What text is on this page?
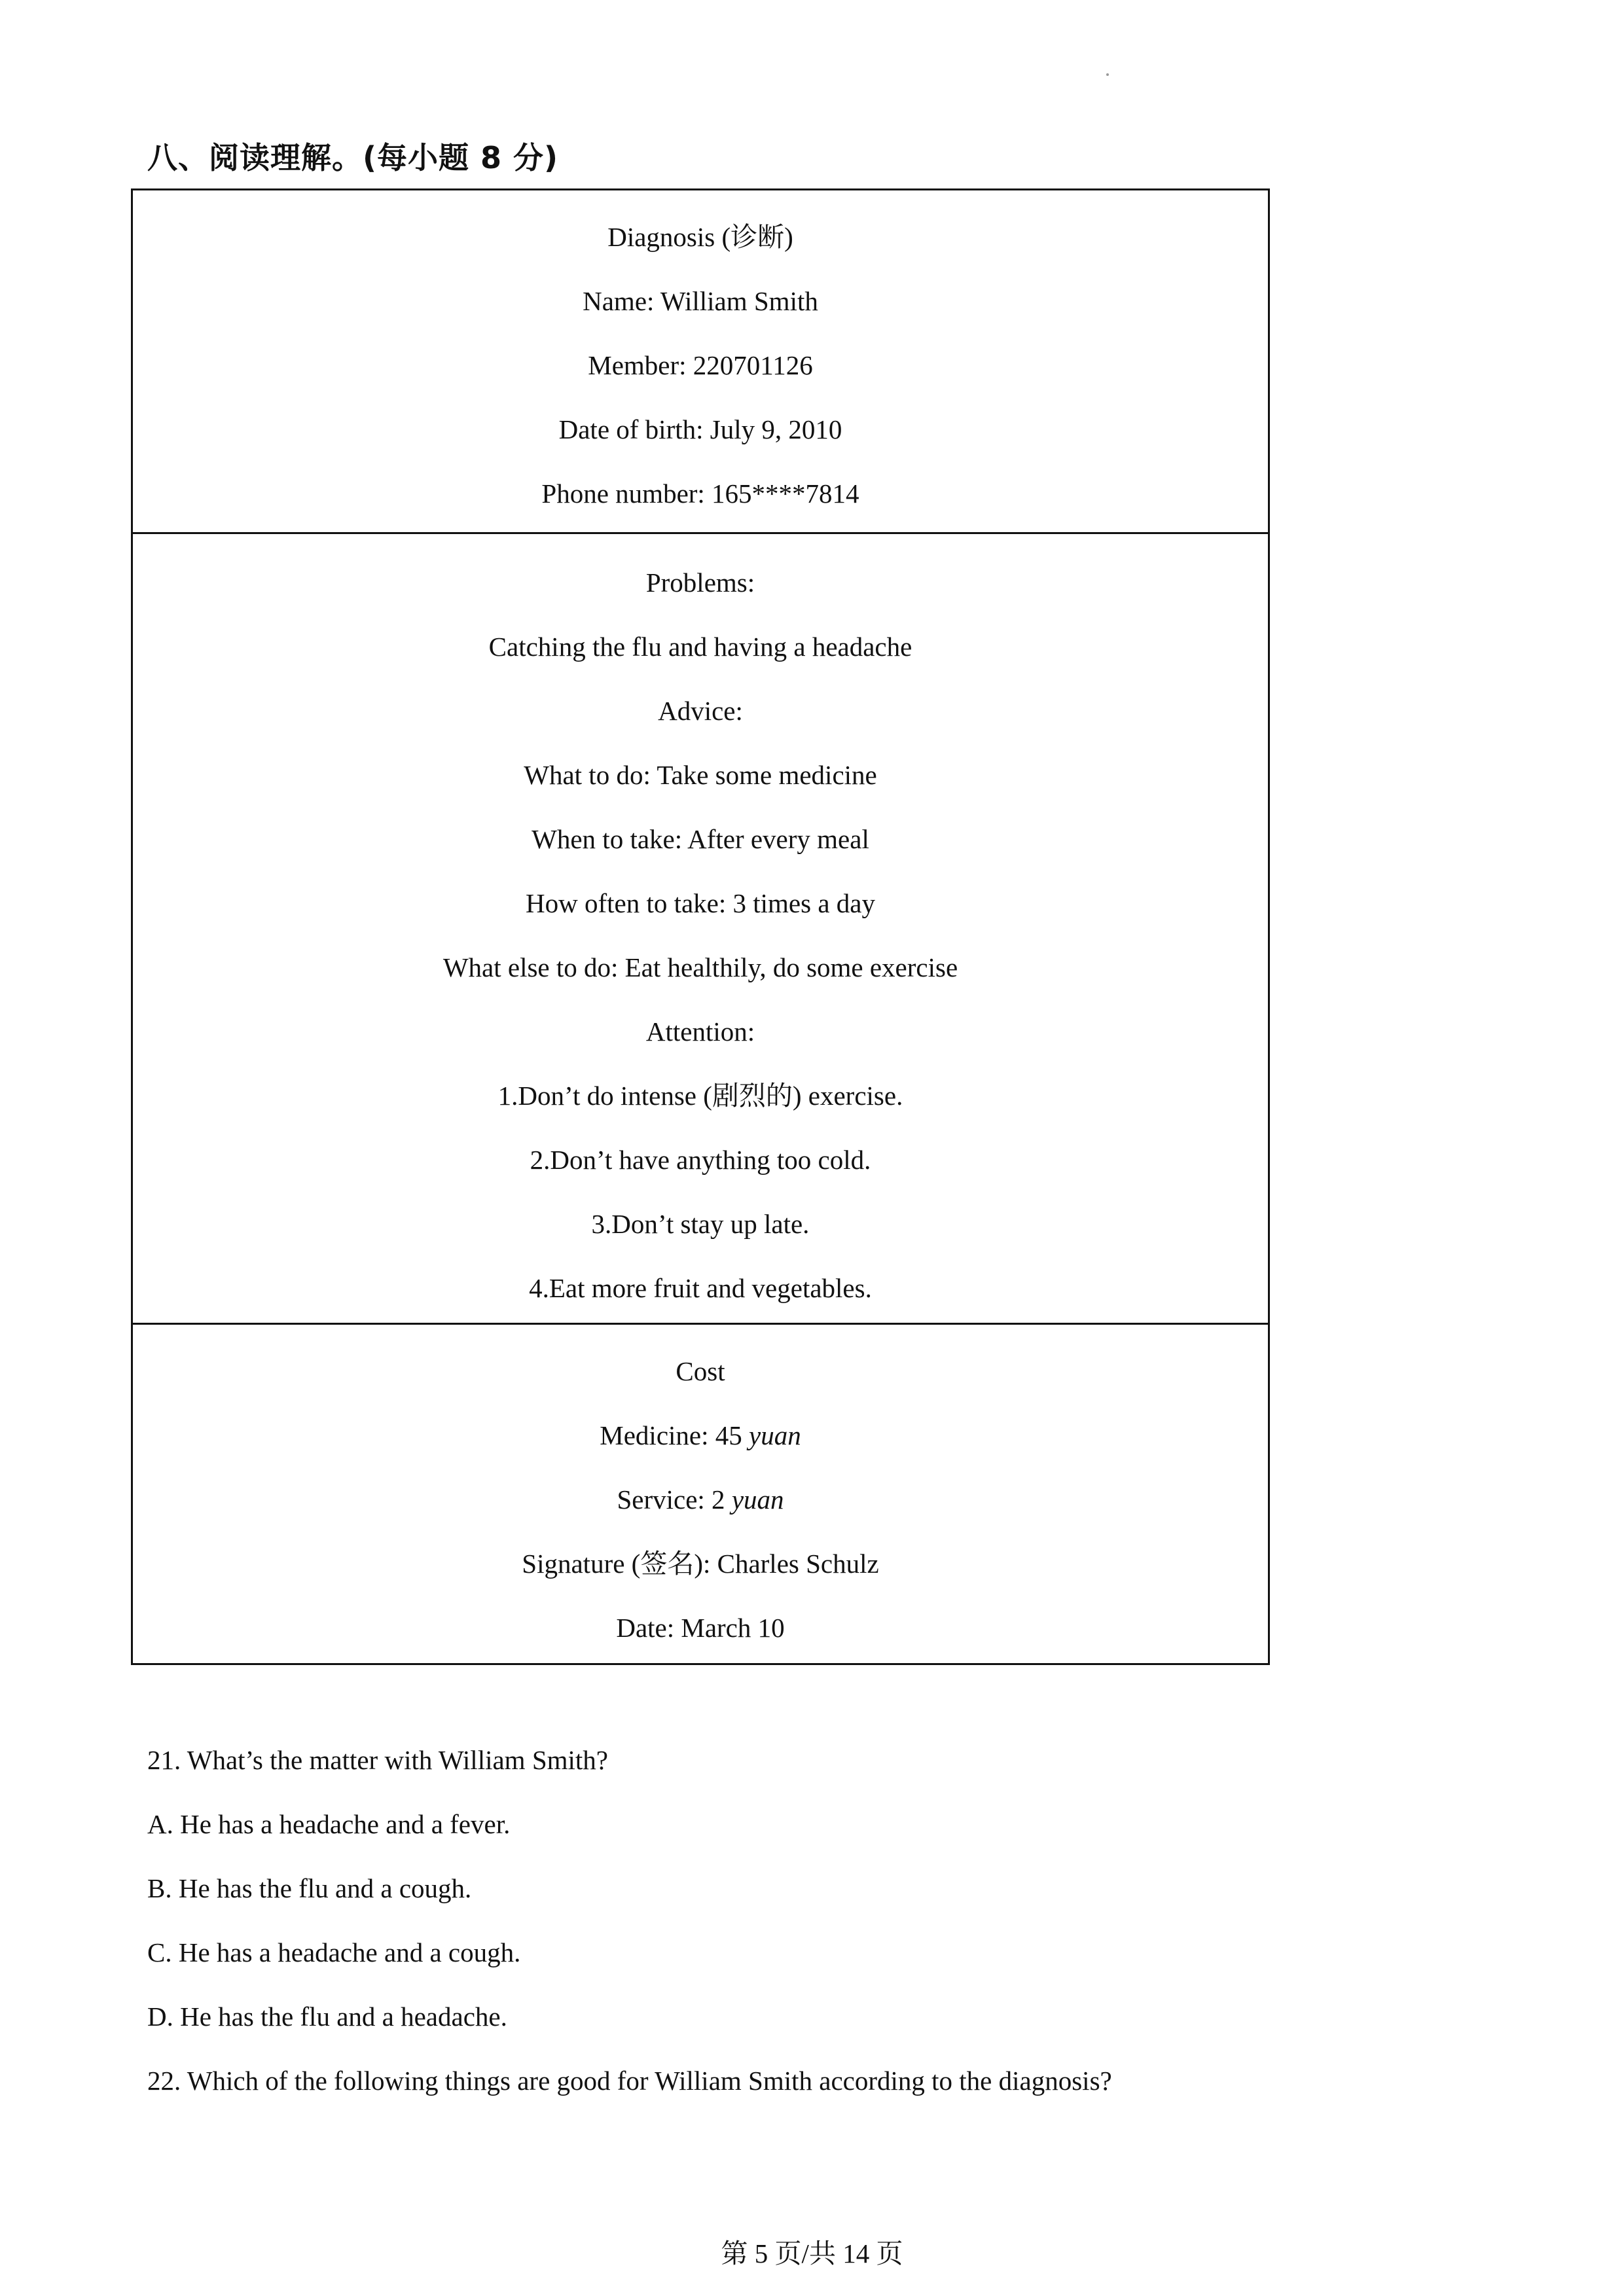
八、阅读理解。(每小题 8 分)
Diagnosis (诊断)
Name: William Smith
Member: 220701126
Date of birth: July 9, 2010
Phone number: 165****7814
Problems:
Catching the flu and having a headache
Advice:
What to do: Take some medicine
When to take: After every meal
How often to take: 3 times a day
What else to do: Eat healthily, do some exercise
Attention:
1.Don’t do intense (剧烈的) exercise.
2.Don’t have anything too cold.
3.Don’t stay up late.
4.Eat more fruit and vegetables.
Cost
Medicine: 45 yuan
Service: 2 yuan
Signature (签名): Charles Schulz
Date: March 10
21. What’s the matter with William Smith?
A. He has a headache and a fever.
B. He has the flu and a cough.
C. He has a headache and a cough.
D. He has the flu and a headache.
22. Which of the following things are good for William Smith according to the diagnosis?
第 5 页/共 14 页
